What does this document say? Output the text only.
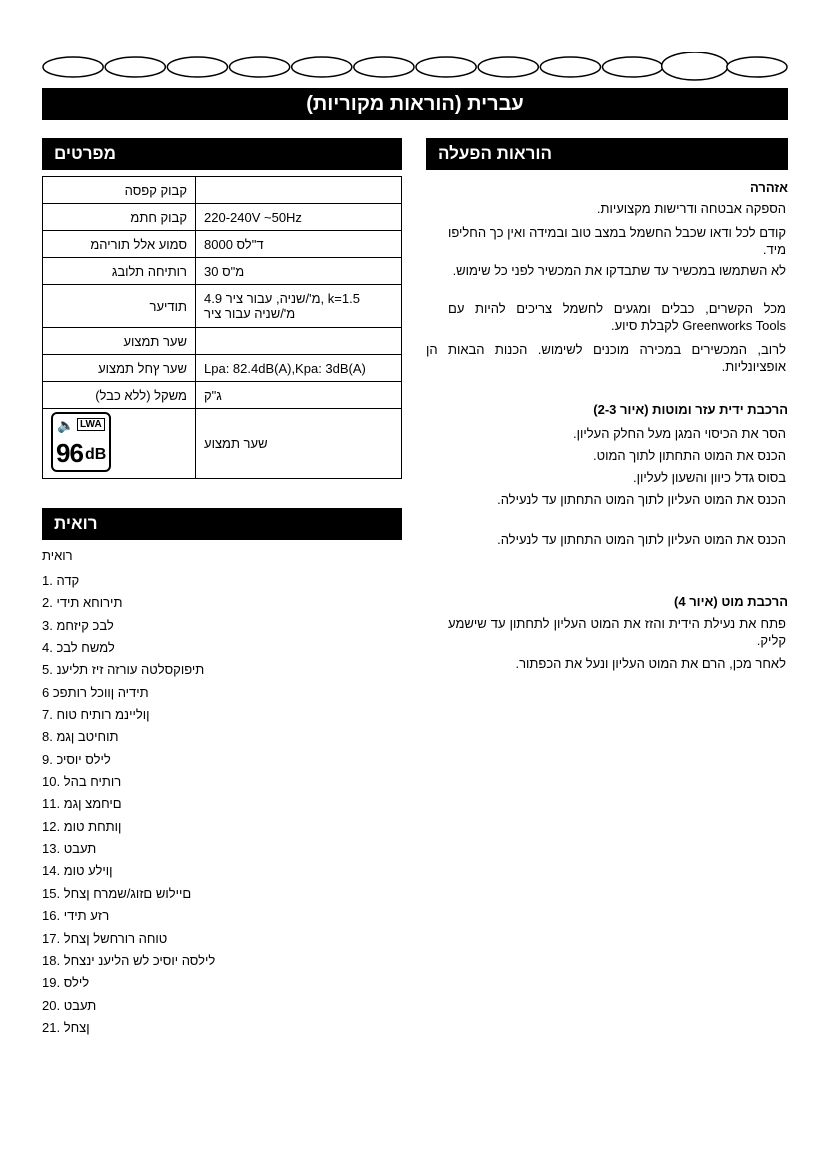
עברית (הוראות מקוריות)
מפרטים
קבוק קפסה	
קבוק חתמ	220-240V ~50Hz
סמוע אלל תוריהמ	8000 ד"לס
רותיחה תלובג	30 מ"ס
תודיער	4.9 מ'/שניה, עבור ציר, k=1.5 מ'/שניה עבור ציר
שער תמצוע	
שער ץחל תמצוע	Lpa: 82.4dB(A),Kpa: 3dB(A)
משקל (ללא כבל)	ג"ק

🔈 LWA
96 dB	שער תמצוע
רואית
רואית
1. קדה
2. תירוחא תידי
3. לבכ קיזחמ
4. למשח לבכ
5. תיפוקסלטה עורזה זיז תליענ
6 תידיה ןווכל רותפכ
7. ןוליינמ רותיח טוח
8. תוחיטב ןגמ
9. לילס יוסיכ
10. רותיח בהל
11. םיחמצ ןגמ
12. ןותחת טומ
13. תעבט
14. ןוילע טומ
15. םיילוש םזוג/שמרח ןצחל
16. רזע תידי
17. טוחה רורחשל ןצחל
18. לילסה יוסיכ לש הליענ ינצחל
19. לילס
20. תעבט
21. ןצחל
הוראות הפעלה
אזהרה
הספקה אבטחה ודרישות מקצועיות.
קודם לכל ודאו שכבל החשמל במצב טוב ובמידה ואין כך החליפו מיד.
לא השתמשו במכשיר עד שתבדקו את המכשיר לפני כל שימוש.
מכל הקשרים, כבלים ומגעים לחשמל צריכים להיות עם Greenworks Tools לקבלת סיוע.
לרוב, המכשירים במכירה מוכנים לשימוש. הכנות הבאות הן אופציונליות.
הרכבת ידית עזר ומוטות (איור 2-3)
הסר את הכיסוי המגן מעל החלק העליון.
הכנס את המוט התחתון לתוך המוט.
בסוס גדל כיוון והשעון לעליון.
הכנס את המוט העליון לתוך המוט התחתון עד לנעילה.
הכנס את המוט העליון לתוך המוט התחתון עד לנעילה.
הרכבת מוט (איור 4)
פתח את נעילת הידית והזז את המוט העליון לתחתון עד שישמע קליק.
לאחר מכן, הרם את המוט העליון ונעל את הכפתור.
